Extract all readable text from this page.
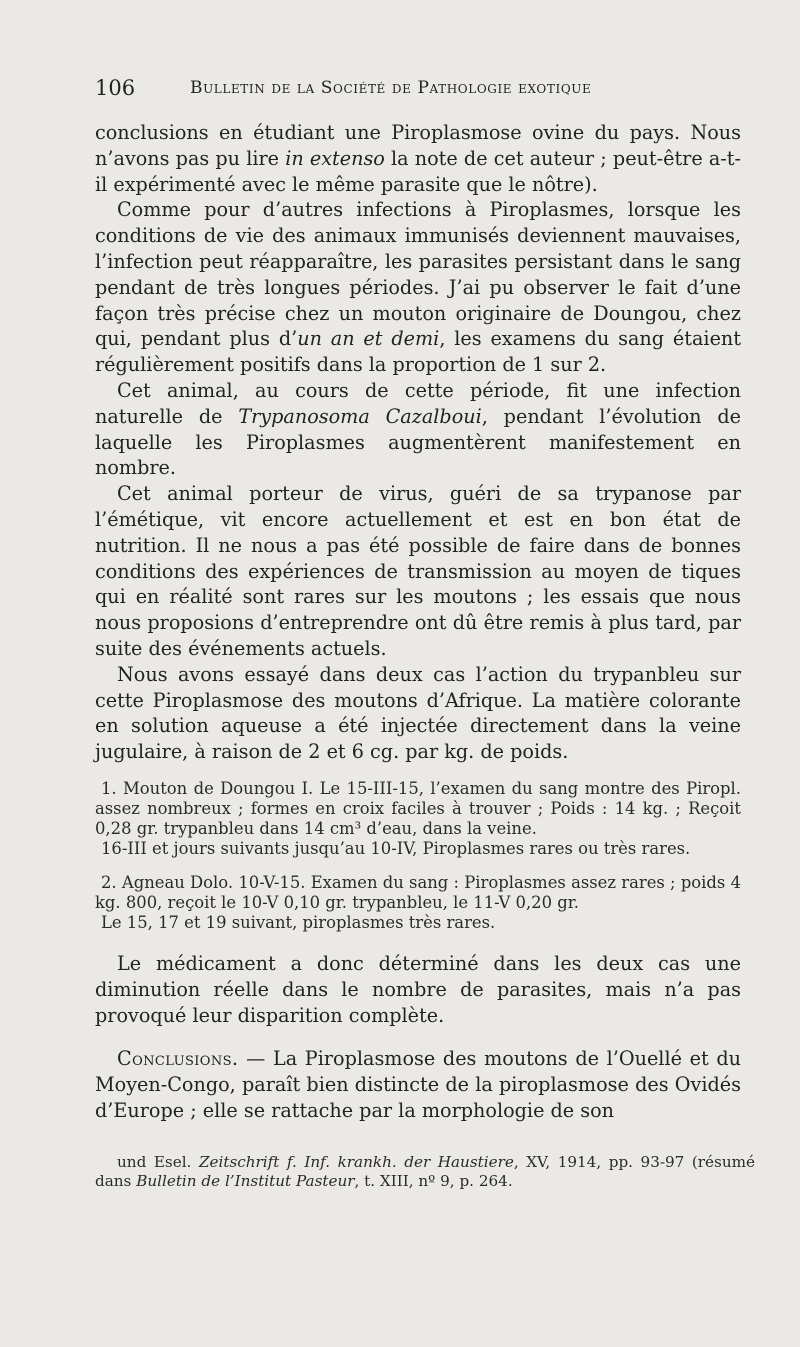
106	Bulletin de la Société de Pathologie exotique

conclusions en étudiant une Piroplasmose ovine du pays. Nous n’avons pas pu lire in extenso la note de cet auteur ; peut-être a-t-il expérimenté avec le même parasite que le nôtre).

Comme pour d’autres infections à Piroplasmes, lorsque les conditions de vie des animaux immunisés deviennent mauvaises, l’infection peut réapparaître, les parasites persistant dans le sang pendant de très longues périodes. J’ai pu observer le fait d’une façon très précise chez un mouton originaire de Doungou, chez qui, pendant plus d’un an et demi, les examens du sang étaient régulièrement positifs dans la proportion de 1 sur 2.

Cet animal, au cours de cette période, fit une infection naturelle de Trypanosoma Cazalboui, pendant l’évolution de laquelle les Piroplasmes augmentèrent manifestement en nombre.

Cet animal porteur de virus, guéri de sa trypanose par l’émétique, vit encore actuellement et est en bon état de nutrition. Il ne nous a pas été possible de faire dans de bonnes conditions des expériences de transmission au moyen de tiques qui en réalité sont rares sur les moutons ; les essais que nous nous proposions d’entreprendre ont dû être remis à plus tard, par suite des événements actuels.

Nous avons essayé dans deux cas l’action du trypanbleu sur cette Piroplasmose des moutons d’Afrique. La matière colorante en solution aqueuse a été injectée directement dans la veine jugulaire, à raison de 2 et 6 cg. par kg. de poids.

1. Mouton de Doungou I. Le 15-III-15, l’examen du sang montre des Piropl. assez nombreux ; formes en croix faciles à trouver ; Poids : 14 kg. ; Reçoit 0,28 gr. trypanbleu dans 14 cm³ d’eau, dans la veine.

16-III et jours suivants jusqu’au 10-IV, Piroplasmes rares ou très rares.

2. Agneau Dolo. 10-V-15. Examen du sang : Piroplasmes assez rares ; poids 4 kg. 800, reçoit le 10-V 0,10 gr. trypanbleu, le 11-V 0,20 gr.

Le 15, 17 et 19 suivant, piroplasmes très rares.

Le médicament a donc déterminé dans les deux cas une diminution réelle dans le nombre de parasites, mais n’a pas provoqué leur disparition complète.

Conclusions. — La Piroplasmose des moutons de l’Ouellé et du Moyen-Congo, paraît bien distincte de la piroplasmose des Ovidés d’Europe ; elle se rattache par la morphologie de son

und Esel. Zeitschrift f. Inf. krankh. der Haustiere, XV, 1914, pp. 93-97 (résumé dans Bulletin de l’Institut Pasteur, t. XIII, nº 9, p. 264.
